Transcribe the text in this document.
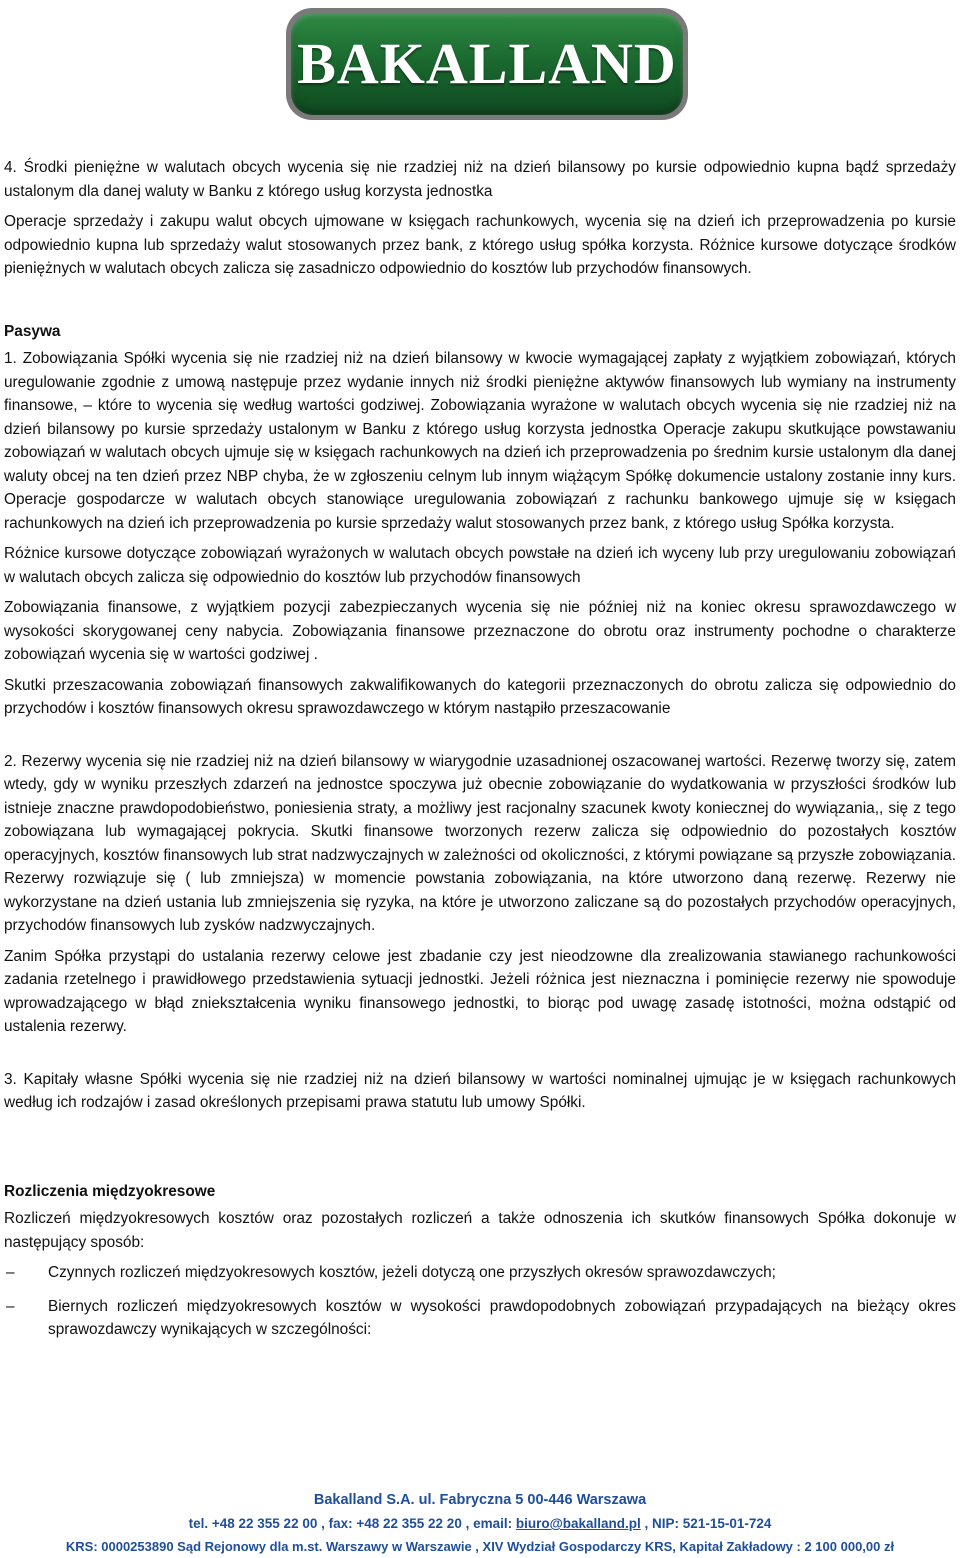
BAKALLAND

4. Środki pieniężne w walutach obcych wycenia się nie rzadziej niż na dzień bilansowy po kursie odpowiednio kupna bądź sprzedaży ustalonym dla danej waluty w Banku z którego usług korzysta jednostka

Operacje sprzedaży i zakupu walut obcych ujmowane w księgach rachunkowych, wycenia się na dzień ich przeprowadzenia po kursie odpowiednio kupna lub sprzedaży walut stosowanych przez bank, z którego usług spółka korzysta. Różnice kursowe dotyczące środków pieniężnych w walutach obcych zalicza się zasadniczo odpowiednio do kosztów lub przychodów finansowych.

Pasywa

1. Zobowiązania Spółki wycenia się nie rzadziej niż na dzień bilansowy w kwocie wymagającej zapłaty z wyjątkiem zobowiązań, których uregulowanie zgodnie z umową następuje przez wydanie innych niż środki pieniężne aktywów finansowych lub wymiany na instrumenty finansowe, – które to wycenia się według wartości godziwej. Zobowiązania wyrażone w walutach obcych wycenia się nie rzadziej niż na dzień bilansowy po kursie sprzedaży ustalonym w Banku z którego usług korzysta jednostka Operacje zakupu skutkujące powstawaniu zobowiązań w walutach obcych ujmuje się w księgach rachunkowych na dzień ich przeprowadzenia po średnim kursie ustalonym dla danej waluty obcej na ten dzień przez NBP chyba, że w zgłoszeniu celnym lub innym wiążącym Spółkę dokumencie ustalony zostanie inny kurs. Operacje gospodarcze w walutach obcych stanowiące uregulowania zobowiązań z rachunku bankowego ujmuje się w księgach rachunkowych na dzień ich przeprowadzenia po kursie sprzedaży walut stosowanych przez bank, z którego usług Spółka korzysta.

Różnice kursowe dotyczące zobowiązań wyrażonych w walutach obcych powstałe na dzień ich wyceny lub przy uregulowaniu zobowiązań w walutach obcych zalicza się odpowiednio do kosztów lub przychodów finansowych

Zobowiązania finansowe, z wyjątkiem pozycji zabezpieczanych wycenia się nie później niż na koniec okresu sprawozdawczego w wysokości skorygowanej ceny nabycia. Zobowiązania finansowe przeznaczone do obrotu oraz instrumenty pochodne o charakterze zobowiązań wycenia się w wartości godziwej .

Skutki przeszacowania zobowiązań finansowych zakwalifikowanych do kategorii przeznaczonych do obrotu zalicza się odpowiednio do przychodów i kosztów finansowych okresu sprawozdawczego w którym nastąpiło przeszacowanie

2. Rezerwy wycenia się nie rzadziej niż na dzień bilansowy w wiarygodnie uzasadnionej oszacowanej wartości. Rezerwę tworzy się, zatem wtedy, gdy w wyniku przeszłych zdarzeń na jednostce spoczywa już obecnie zobowiązanie do wydatkowania w przyszłości środków lub istnieje znaczne prawdopodobieństwo, poniesienia straty, a możliwy jest racjonalny szacunek kwoty koniecznej do wywiązania,, się z tego zobowiązana lub wymagającej pokrycia. Skutki finansowe tworzonych rezerw zalicza się odpowiednio do pozostałych kosztów operacyjnych, kosztów finansowych lub strat nadzwyczajnych w zależności od okoliczności, z którymi powiązane są przyszłe zobowiązania. Rezerwy rozwiązuje się ( lub zmniejsza) w momencie powstania zobowiązania, na które utworzono daną rezerwę. Rezerwy nie wykorzystane na dzień ustania lub zmniejszenia się ryzyka, na które je utworzono zaliczane są do pozostałych przychodów operacyjnych, przychodów finansowych lub zysków nadzwyczajnych.

Zanim Spółka przystąpi do ustalania rezerwy celowe jest zbadanie czy jest nieodzowne dla zrealizowania stawianego rachunkowości zadania rzetelnego i prawidłowego przedstawienia sytuacji jednostki. Jeżeli różnica jest nieznaczna i pominięcie rezerwy nie spowoduje wprowadzającego w błąd zniekształcenia wyniku finansowego jednostki, to biorąc pod uwagę zasadę istotności, można odstąpić od ustalenia rezerwy.

3. Kapitały własne Spółki wycenia się nie rzadziej niż na dzień bilansowy w wartości nominalnej ujmując je w księgach rachunkowych według ich rodzajów i zasad określonych przepisami prawa statutu lub umowy Spółki.

Rozliczenia międzyokresowe

Rozliczeń międzyokresowych kosztów oraz pozostałych rozliczeń a także odnoszenia ich skutków finansowych Spółka dokonuje w następujący sposób:

– Czynnych rozliczeń międzyokresowych kosztów, jeżeli dotyczą one przyszłych okresów sprawozdawczych;
– Biernych rozliczeń międzyokresowych kosztów w wysokości prawdopodobnych zobowiązań przypadających na bieżący okres sprawozdawczy wynikających w szczególności:
Bakalland S.A. ul. Fabryczna 5 00-446 Warszawa
tel. +48 22 355 22 00 , fax: +48 22 355 22 20 , email: biuro@bakalland.pl , NIP: 521-15-01-724
KRS: 0000253890 Sąd Rejonowy dla m.st. Warszawy w Warszawie , XIV Wydział Gospodarczy KRS, Kapitał Zakładowy : 2 100 000,00 zł
